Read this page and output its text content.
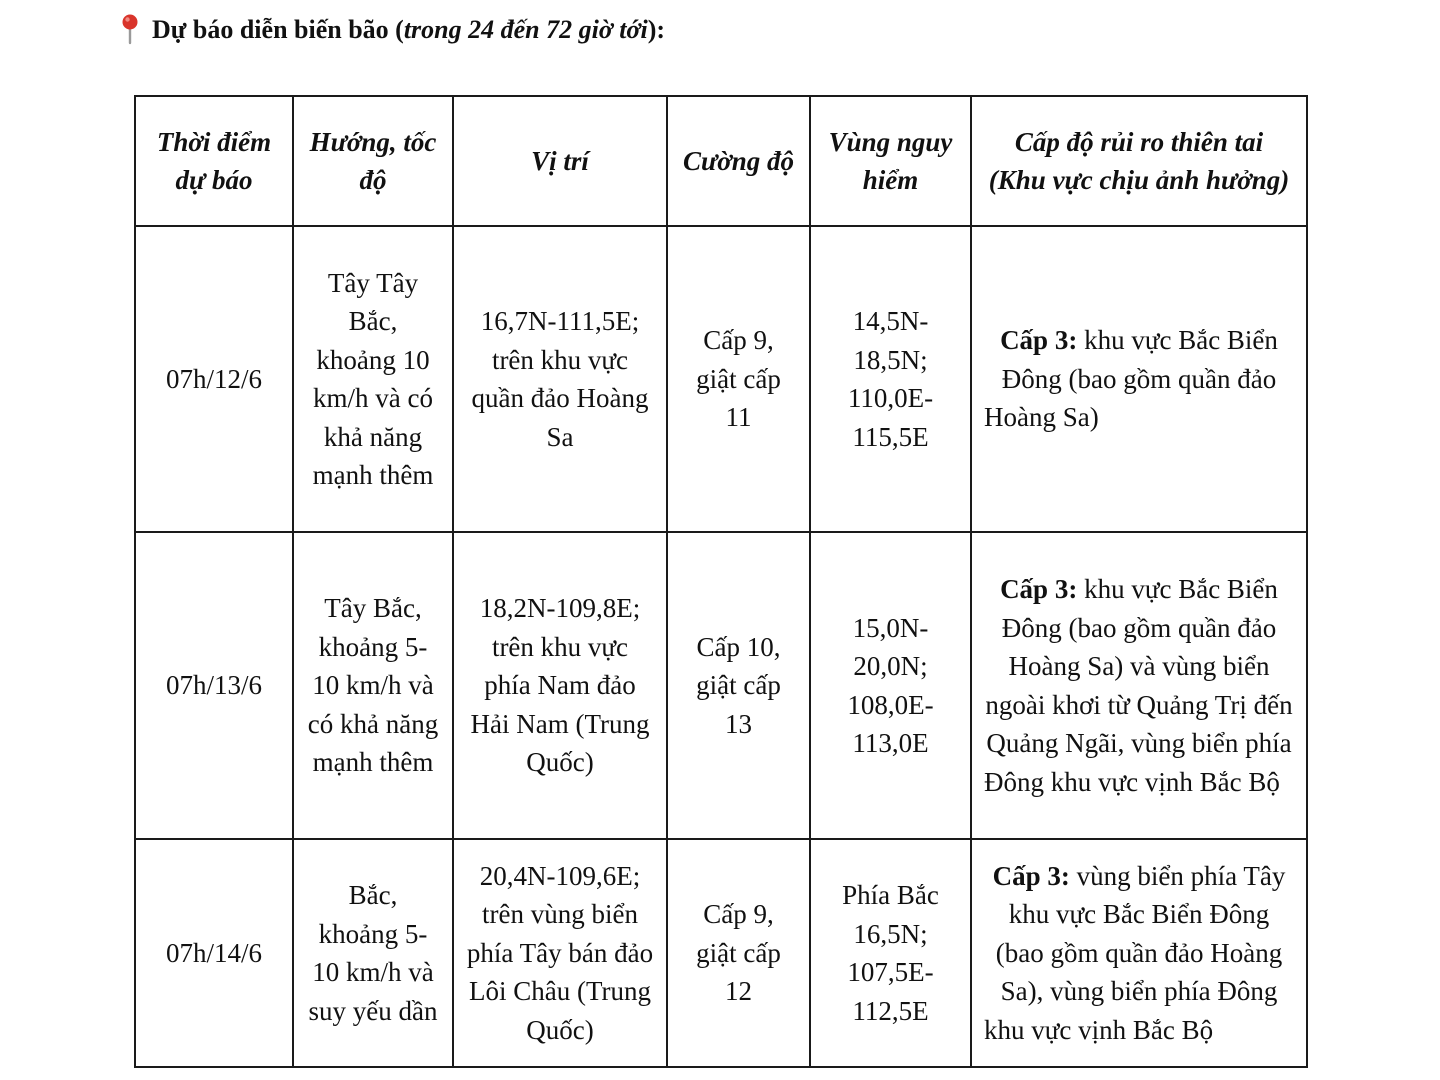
Dự báo diễn biến bão (trong 24 đến 72 giờ tới):
Thời điểm dự báo	Hướng, tốc độ	Vị trí	Cường độ	Vùng nguy hiểm	Cấp độ rủi ro thiên tai (Khu vực chịu ảnh hưởng)
07h/12/6	Tây Tây Bắc, khoảng 10 km/h và có khả năng mạnh thêm	16,7N-111,5E; trên khu vực quần đảo Hoàng Sa	Cấp 9, giật cấp 11	14,5N-18,5N; 110,0E-115,5E	Cấp 3: khu vực Bắc Biển Đông (bao gồm quần đảo Hoàng Sa)
07h/13/6	Tây Bắc, khoảng 5-10 km/h và có khả năng mạnh thêm	18,2N-109,8E; trên khu vực phía Nam đảo Hải Nam (Trung Quốc)	Cấp 10, giật cấp 13	15,0N-20,0N; 108,0E-113,0E	Cấp 3: khu vực Bắc Biển Đông (bao gồm quần đảo Hoàng Sa) và vùng biển ngoài khơi từ Quảng Trị đến Quảng Ngãi, vùng biển phía Đông khu vực vịnh Bắc Bộ
07h/14/6	Bắc, khoảng 5-10 km/h và suy yếu dần	20,4N-109,6E; trên vùng biển phía Tây bán đảo Lôi Châu (Trung Quốc)	Cấp 9, giật cấp 12	Phía Bắc 16,5N; 107,5E-112,5E	Cấp 3: vùng biển phía Tây khu vực Bắc Biển Đông (bao gồm quần đảo Hoàng Sa), vùng biển phía Đông khu vực vịnh Bắc Bộ
